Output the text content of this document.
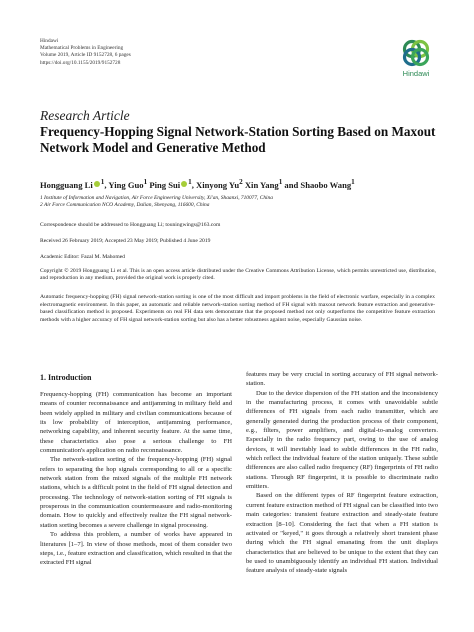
Hindawi
Mathematical Problems in Engineering
Volume 2019, Article ID 9152728, 6 pages
https://doi.org/10.1155/2019/9152728
Hindawi
Research Article
Frequency-Hopping Signal Network-Station Sorting Based on Maxout Network Model and Generative Method
Hongguang Li $^1$, Ying Guo$^1$ Ping Sui $^1$, Xinyong Yu$^2$ Xin Yang$^1$ and Shaobo Wang$^1$
1 Institute of Information and Navigation, Air Force Engineering University, Xi'an, Shaanxi, 710077, China
2 Air Force Communication NCO Academy, Dalian, Shenyang, 116600, China
Correspondence should be addressed to Hongguang Li; touningwings@163.com
Received 26 February 2019; Accepted 23 May 2019; Published 4 June 2019
Academic Editor: Fazal M. Mahomed
Copyright © 2019 Hongguang Li et al. This is an open access article distributed under the Creative Commons Attribution License, which permits unrestricted use, distribution, and reproduction in any medium, provided the original work is properly cited.
Automatic frequency-hopping (FH) signal network-station sorting is one of the most difficult and import problems in the field of electronic warfare, especially in a complex electromagnetic environment. In this paper, an automatic and reliable network-station sorting method of FH signal with maxout network feature extraction and generative-based classification method is proposed. Experiments on real FH data sets demonstrate that the proposed method not only outperforms the competitive feature extraction methods with a higher accuracy of FH signal network-station sorting but also has a better robustness against noise, especially Gaussian noise.
1. Introduction

Frequency-hopping (FH) communication has become an important means of counter reconnaissance and antijamming in military field and been widely applied in military and civilian communications because of its low probability of interception, antijamming performance, networking capability, and inherent security feature. At the same time, these characteristics also pose a serious challenge to FH communication's application on radio reconnaissance.

The network-station sorting of the frequency-hopping (FH) signal refers to separating the hop signals corresponding to all or a specific network station from the mixed signals of the multiple FH network stations, which is a difficult point in the field of FH signal detection and processing. The technology of network-station sorting of FH signals is prosperous in the communication countermeasure and radio-monitoring domain. How to quickly and effectively realize the FH signal network-station sorting becomes a severe challenge in signal processing.

To address this problem, a number of works have appeared in literatures [1–7]. In view of those methods, most of them consider two steps, i.e., feature extraction and classification, which resulted in that the extracted FH signal

features may be very crucial in sorting accuracy of FH signal network-station.

Due to the device dispersion of the FH station and the inconsistency in the manufacturing process, it comes with unavoidable subtle differences of FH signals from each radio transmitter, which are generally generated during the production process of their component, e.g., filters, power amplifiers, and digital-to-analog converters. Especially in the radio frequency part, owing to the use of analog devices, it will inevitably lead to subtle differences in the FH radio, which reflect the individual feature of the station uniquely. These subtle differences are also called radio frequency (RF) fingerprints of FH radio stations. Through RF fingerprint, it is possible to discriminate radio emitters.

Based on the different types of RF fingerprint feature extraction, current feature extraction method of FH signal can be classified into two main categories: transient feature extraction and steady-state feature extraction [8–10]. Considering the fact that when a FH station is activated or "keyed," it goes through a relatively short transient phase during which the FH signal emanating from the unit displays characteristics that are believed to be unique to the extent that they can be used to unambiguously identify an individual FH station. Individual feature analysis of steady-state signals
